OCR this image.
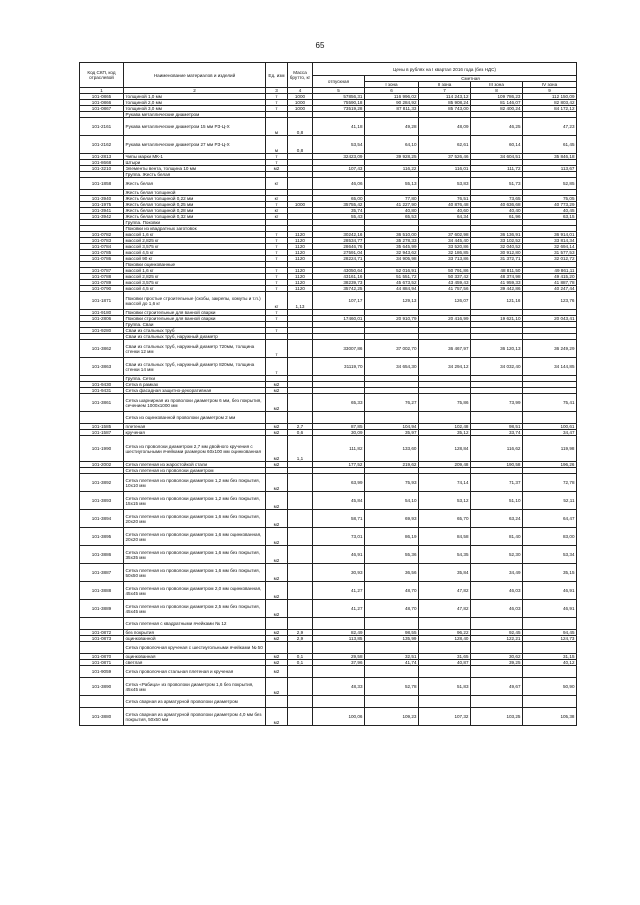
65
Код СКП, код отраслевой	Наименование материалов и изделий	Ед. изм	Масса брутто, кг	Цены в рублях на I квартал 2016 года (без НДС)				
				отпускная	Сметная			
					I зона	II зона	III зона	IV зона
1	2	3	4	5	6	7	8	9
101-0865	толщиной 1,0 мм	т	1000	57856,31	116 996,02	114 243,12	109 786,23	112 150,09
101-0866	толщиной 2,0 мм	т	1000	75590,18	90 284,92	85 908,24	81 146,07	82 803,42
101-0867	толщиной 3,0 мм	т	1000	73519,28	87 811,33	85 743,00	82 400,24	84 172,12
	Рукава металлические диаметром							
101-2161	Рукава металлические диаметром 15 мм РЗ-Ц-Х	м	0,8	41,18	49,28	48,09	46,25	47,23
101-2162	Рукава металлические диаметром 27 мм РЗ-Ц-Х	м	0,8	53,54	64,10	62,61	60,14	61,45
101-2813	Чипы марки МК-1	т		32423,09	39 928,25	37 526,46	34 604,51	35 846,18
101-8668	Штыри	т						
101-3210	Элементы вента, толщина 10 мм	м2		107,43	116,22	116,01	111,72	113,67
	Группа. Жесть белая							
101-1858	Жесть белая	кг		46,06	55,13	53,83	51,73	52,85
	Жесть белая толщиной							
101-3940	Жесть белая толщиной 0,22 мм	кг		65,00	77,80	76,51	73,65	75,05
101-1975	Жесть белая толщиной 0,25 мм	т	1000	35755,42	41 227,90	40 876,48	40 636,68	40 773,29
101-3941	Жесть белая толщиной 0,28 мм	кг		35,74	40,80	40,60	40,40	40,45
101-3942	Жесть белая толщиной 0,32 мм	кг		55,43	65,53	64,34	61,96	63,15
	Группа. Поковки							
	Поковки из квадратных заготовок							
101-0782	массой 1,6 кг	т	1120	30242,16	36 510,00	37 602,98	36 136,91	36 914,01
101-0783	массой 2,825 кг	т	1120	28534,77	35 278,33	34 445,40	33 102,52	33 814,34
101-0784	массой 3,575 кг	т	1120	28646,76	35 645,99	33 520,86	32 040,52	32 694,14
101-0785	массой 4,5 кг	т	1120	27591,04	32 943,62	32 186,85	30 912,80	31 577,53
101-0786	массой 90 кг	т	1120	28224,71	34 905,98	33 713,86	31 372,71	32 012,72
	Поковки оцинкованные							
101-0787	массой 1,6 кг	т	1120	43050,64	52 016,91	50 791,86	48 811,50	49 861,11
101-0788	массой 2,825 кг	т	1120	43161,16	51 551,72	50 337,42	48 374,98	49 415,20
101-0789	массой 3,575 кг	т	1120	38239,73	45 673,52	43 459,43	41 959,33	41 887,78
101-0790	массой 4,5 кг	т	1120	35742,25	44 884,94	41 757,56	39 442,86	40 247,44
101-1871	Поковки простые строительные (скобы, закрепы, хомуты и т.п.) массой до 1,6 кг	кг	1,13	107,17	129,13	126,07	121,16	123,76
101-9180	Поковки строительные для ванной сварки	т						
101-2806	Поковки строительные для ванной сварки	т		17460,01	20 910,79	20 416,99	19 621,10	20 043,41
	Группа. Сваи							
101-9280	Сваи из стальных труб	т						
	Сваи из стальных труб, наружный диаметр							
101-3862	Сваи из стальных труб, наружный диаметр 720мм, толщина стенки 12 мм	т		33007,86	37 002,70	36 467,97	36 120,13	36 249,29
101-3863	Сваи из стальных труб, наружный диаметр 820мм, толщина стенки 14 мм	т		31119,70	34 654,30	34 294,12	34 032,40	34 144,85
	Группа. Сетки							
101-9430	Сетка в рамках	м2						
101-9431	Сетка фасадная защитно-декоративная	м2						
101-3861	Сетка шарнирная из проволоки диаметром 6 мм, без покрытия, сечением 1000х1000 мм	м2		65,33	76,27	75,86	73,99	75,41
	Сетка из оцинкованной проволоки диаметром 2 мм							
101-1585	плетеная	м2	2,7	87,85	104,94	102,48	98,51	100,61
101-1587	крученая	м2	0,6	30,09	35,97	35,12	33,74	34,47
101-1990	Сетка из проволоки диаметром 2,7 мм двойного кручения с шестиугольными ячейками размером 60х100 мм оцинкованная	м2	1,1	111,82	133,60	128,84	116,62	119,98
101-2002	Сетка плетеная из жаростойкой стали	м2		177,52	219,62	209,48	190,58	196,26
	Сетка плетеная из проволоки диаметром							
101-3892	Сетка плетеная из проволоки диаметром 1,2 мм без покрытия, 10х10 мм	м2		63,99	75,93	74,14	71,37	72,78
101-3893	Сетка плетеная из проволоки диаметром 1,2 мм без покрытия, 15х15 мм	м2		45,84	54,10	53,12	51,10	52,11
101-3894	Сетка плетеная из проволоки диаметром 1,6 мм без покрытия, 20х20 мм	м2		58,71	69,93	65,70	63,24	64,47
101-3895	Сетка плетеная из проволоки диаметром 1,6 мм оцинкованная, 20х20 мм	м2		73,01	86,19	84,58	81,40	83,00
101-3886	Сетка плетеная из проволоки диаметром 1,6 мм без покрытия, 35х35 мм	м2		46,91	55,36	54,35	52,30	53,34
101-3887	Сетка плетеная из проволоки диаметром 1,6 мм без покрытия, 50х50 мм	м2		30,93	36,56	35,84	34,49	35,15
101-3888	Сетка плетеная из проволоки диаметром 2,0 мм оцинкованная, 45х45 мм	м2		41,27	48,70	47,82	46,03	46,91
101-3889	Сетка плетеная из проволоки диаметром 2,5 мм без покрытия, 45х45 мм	м2		41,27	48,70	47,82	46,03	46,91
	Сетка плетеная с квадратными ячейками № 12							
101-0872	без покрытия	м2	2,9	82,49	98,55	96,22	92,45	94,45
101-0873	оцинкованной	м2	2,9	113,85	135,99	128,40	122,21	124,73
	Сетка проволочная крученая с шестиугольными ячейками № 50							
101-0870	оцинкованная	м2	0,1	29,58	32,51	31,65	30,62	31,15
101-0871	светлая	м2	0,1	37,96	41,74	40,87	39,25	40,12
101-9059	Сетка проволочная стальная плетеная и крученая	м2						
101-3890	Сетка «Рабица» из проволоки диаметром 1,6 без покрытия, 45х45 мм	м2		48,33	52,78	51,83	49,67	50,90
	Сетка сварная из арматурной проволоки диаметром							
101-3880	Сетка сварная из арматурной проволоки диаметром 4,0 мм без покрытия, 50х50 мм	м2		100,06	109,23	107,32	103,25	105,38
